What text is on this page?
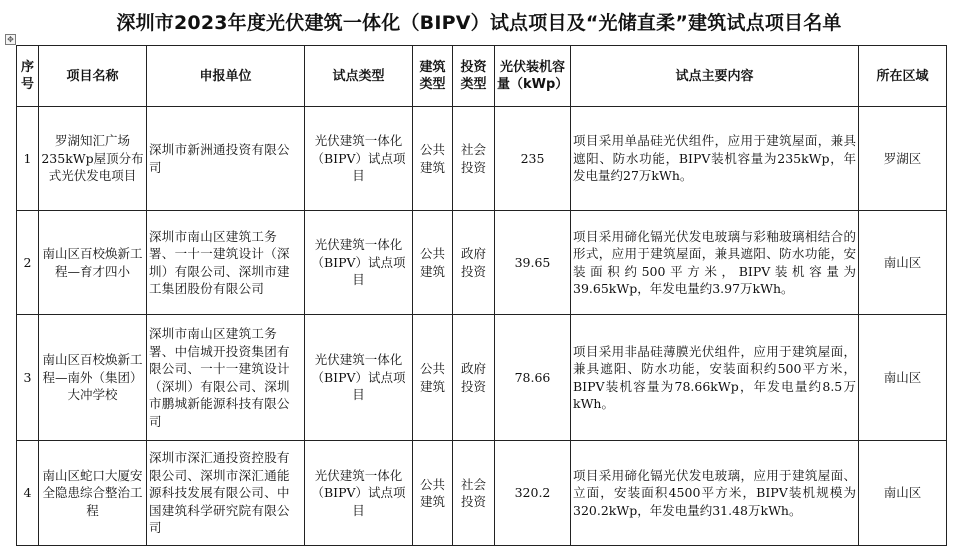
深圳市2023年度光伏建筑一体化（BIPV）试点项目及“光储直柔”建筑试点项目名单
✥
序号	项目名称	申报单位	试点类型	建筑类型	投资类型	光伏装机容量（kWp）	试点主要内容	所在区域
1	罗湖知汇广场235kWp屋顶分布式光伏发电项目	深圳市新洲通投资有限公司	光伏建筑一体化（BIPV）试点项目	公共建筑	社会投资	235	项目采用单晶硅光伏组件，应用于建筑屋面，兼具遮阳、防水功能，BIPV装机容量为235kWp，年发电量约27万kWh。	罗湖区
2	南山区百校焕新工程—育才四小	深圳市南山区建筑工务署、一十一建筑设计（深圳）有限公司、深圳市建工集团股份有限公司	光伏建筑一体化（BIPV）试点项目	公共建筑	政府投资	39.65	项目采用碲化镉光伏发电玻璃与彩釉玻璃相结合的形式，应用于建筑屋面，兼具遮阳、防水功能，安装面积约500平方米，BIPV装机容量为39.65kWp，年发电量约3.97万kWh。	南山区
3	南山区百校焕新工程—南外（集团）大冲学校	深圳市南山区建筑工务署、中信城开投资集团有限公司、一十一建筑设计（深圳）有限公司、深圳市鹏城新能源科技有限公司	光伏建筑一体化（BIPV）试点项目	公共建筑	政府投资	78.66	项目采用非晶硅薄膜光伏组件，应用于建筑屋面，兼具遮阳、防水功能，安装面积约500平方米，BIPV装机容量为78.66kWp，年发电量约8.5万kWh。	南山区
4	南山区蛇口大厦安全隐患综合整治工程	深圳市深汇通投资控股有限公司、深圳市深汇通能源科技发展有限公司、中国建筑科学研究院有限公司	光伏建筑一体化（BIPV）试点项目	公共建筑	社会投资	320.2	项目采用碲化镉光伏发电玻璃，应用于建筑屋面、立面，安装面积4500平方米，BIPV装机规模为320.2kWp，年发电量约31.48万kWh。	南山区
